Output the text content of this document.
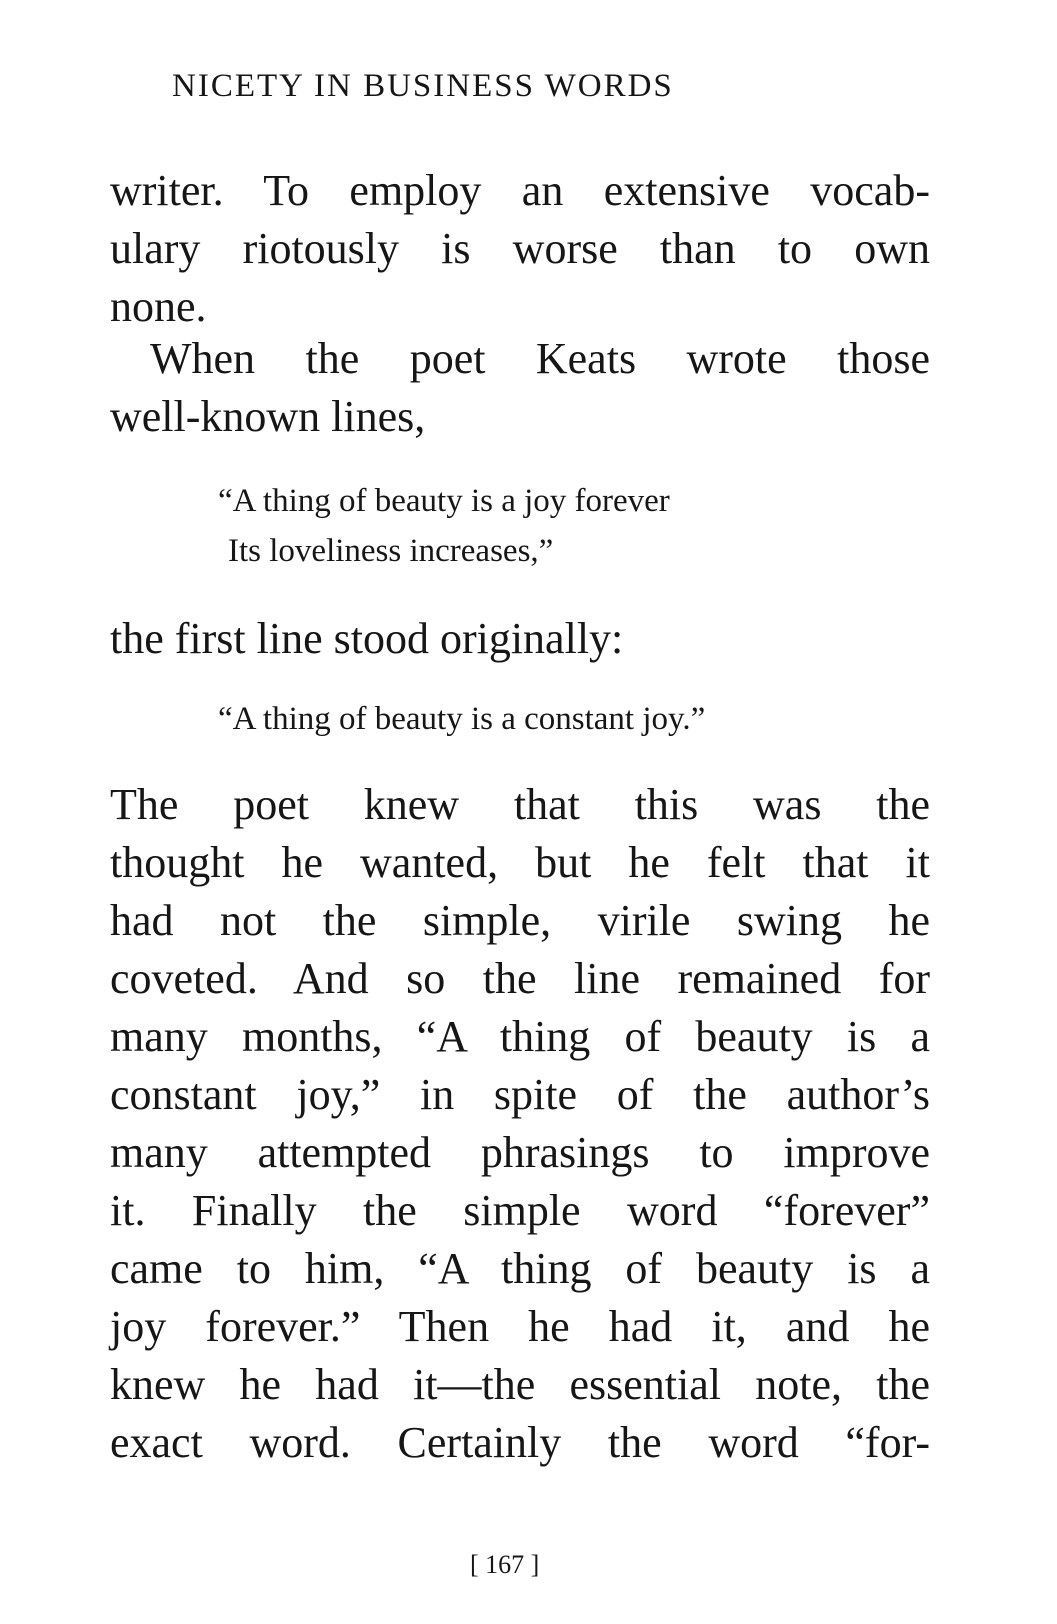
NICETY IN BUSINESS WORDS
writer. To employ an extensive vocab-
ulary riotously is worse than to own
none.
When the poet Keats wrote those
well-known lines,
“A thing of beauty is a joy forever
Its loveliness increases,”
the first line stood originally:
“A thing of beauty is a constant joy.”
The poet knew that this was the
thought he wanted, but he felt that it
had not the simple, virile swing he
coveted. And so the line remained for
many months, “A thing of beauty is a
constant joy,” in spite of the author’s
many attempted phrasings to improve
it. Finally the simple word “forever”
came to him, “A thing of beauty is a
joy forever.” Then he had it, and he
knew he had it—the essential note, the
exact word. Certainly the word “for-
[ 167 ]
